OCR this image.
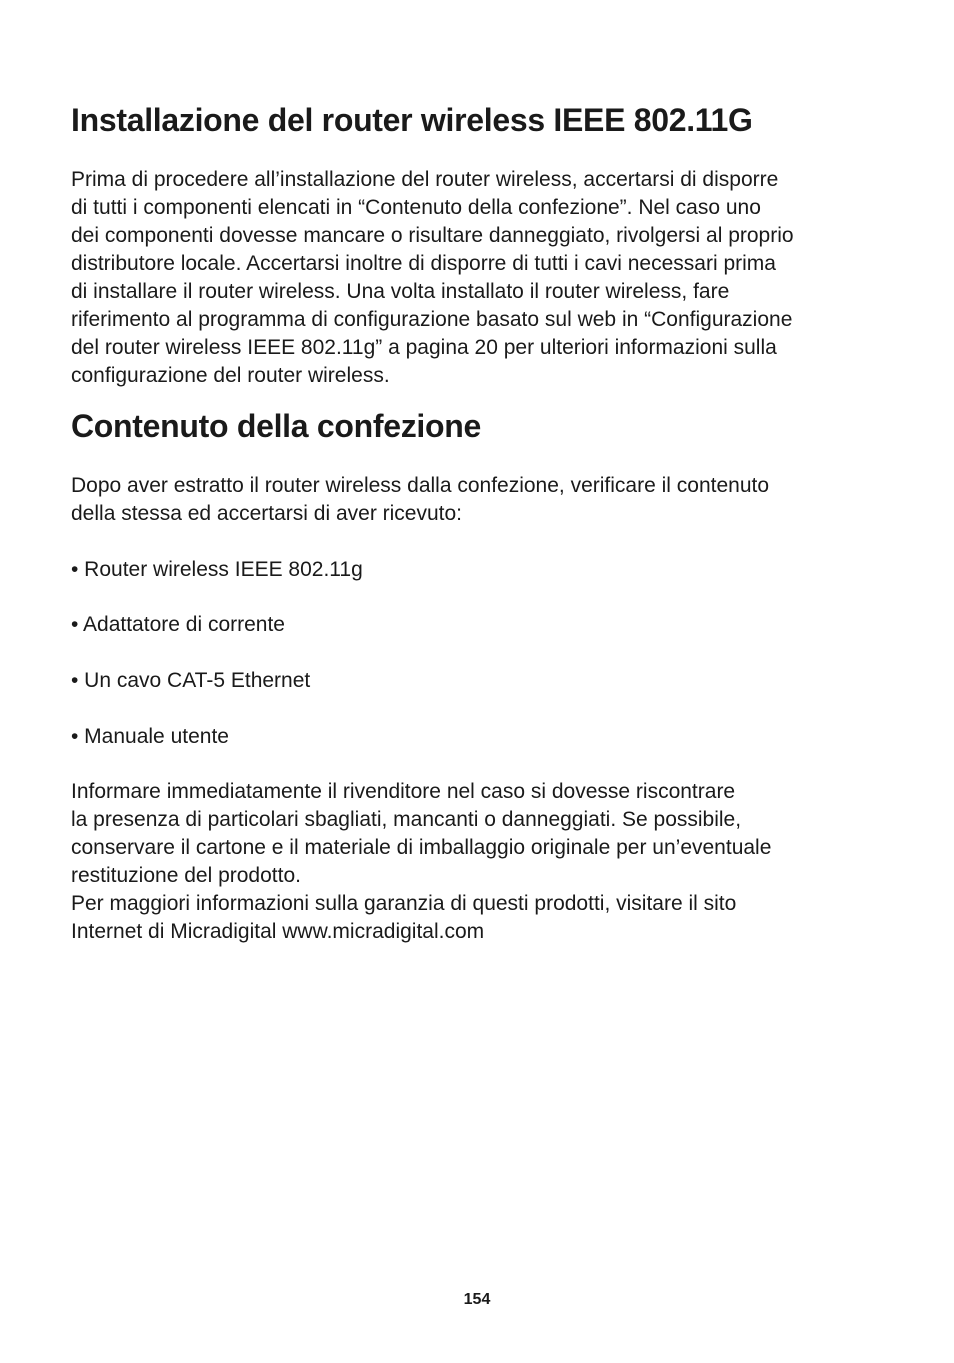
Installazione del router wireless IEEE 802.11G

Prima di procedere all’installazione del router wireless, accertarsi di disporre
di tutti i componenti elencati in “Contenuto della confezione”. Nel caso uno
dei componenti dovesse mancare o risultare danneggiato, rivolgersi al proprio
distributore locale. Accertarsi inoltre di disporre di tutti i cavi necessari prima
di installare il router wireless. Una volta installato il router wireless, fare
riferimento al programma di configurazione basato sul web in “Configurazione
del router wireless IEEE 802.11g” a pagina 20 per ulteriori informazioni sulla
configurazione del router wireless.

Contenuto della confezione

Dopo aver estratto il router wireless dalla confezione, verificare il contenuto
della stessa ed accertarsi di aver ricevuto:

• Router wireless IEEE 802.11g
• Adattatore di corrente
• Un cavo CAT-5 Ethernet
• Manuale utente

Informare immediatamente il rivenditore nel caso si dovesse riscontrare
la presenza di particolari sbagliati, mancanti o danneggiati. Se possibile,
conservare il cartone e il materiale di imballaggio originale per un’eventuale
restituzione del prodotto.
Per maggiori informazioni sulla garanzia di questi prodotti, visitare il sito
Internet di Micradigital www.micradigital.com

154
